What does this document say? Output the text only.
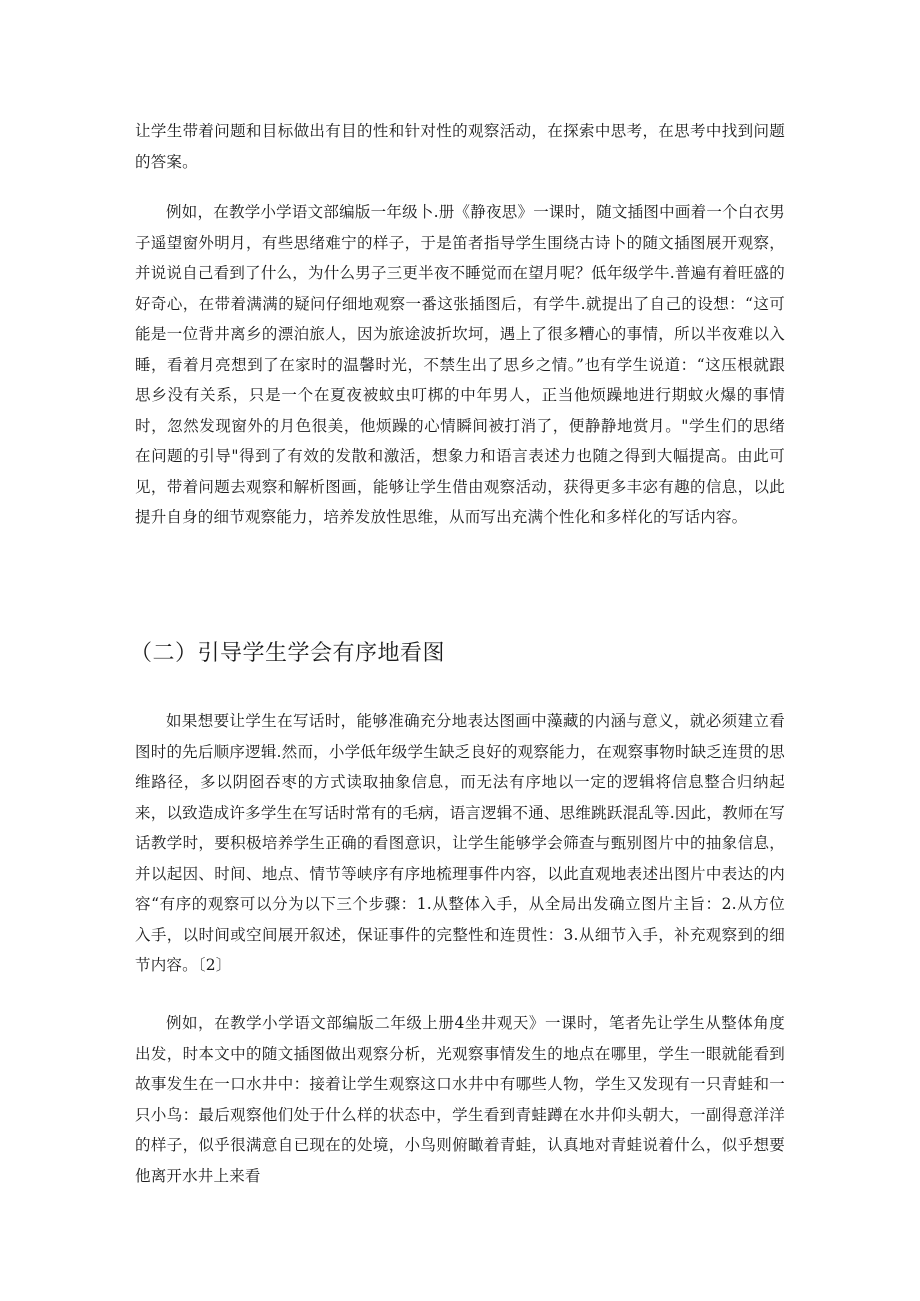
让学生带着问题和目标做出有目的性和针对性的观察活动，在探索中思考，在思考中找到问题的答案。

例如，在教学小学语文部编版一年级卜.册《静夜思》一课时，随文插图中画着一个白衣男子遥望窗外明月，有些思绪难宁的样子，于是笛者指导学生围绕古诗卜的随文插图展开观察，并说说自己看到了什么，为什么男子三更半夜不睡觉而在望月呢？低年级学牛.普遍有着旺盛的好奇心，在带着满满的疑问仔细地观察一番这张插图后，有学牛.就提出了自己的设想：“这可能是一位背井离乡的漂泊旅人，因为旅途波折坎坷，遇上了很多糟心的事情，所以半夜难以入睡，看着月亮想到了在家时的温馨时光，不禁生出了思乡之情。”也有学生说道：“这压根就跟思乡没有关系，只是一个在夏夜被蚊虫叮梆的中年男人，正当他烦躁地进行期蚊火爆的事情时，忽然发现窗外的月色很美，他烦躁的心情瞬间被打消了，便静静地赏月。"学生们的思绪在问题的引导"得到了有效的发散和激活，想象力和语言表述力也随之得到大幅提高。由此可见，带着问题去观察和解析图画，能够让学生借由观察活动，获得更多丰宓有趣的信息，以此提升自身的细节观察能力，培养发放性思维，从而写出充满个性化和多样化的写话内容。

（二）引导学生学会有序地看图

如果想要让学生在写话时，能够准确充分地表达图画中藻藏的内涵与意义，就必须建立看图时的先后顺序逻辑.然而，小学低年级学生缺乏良好的观察能力，在观察事物时缺乏连贯的思维路径，多以阴囵吞枣的方式读取抽象信息，而无法有序地以一定的逻辑将信息整合归纳起来，以致造成许多学生在写话时常有的毛病，语言逻辑不通、思维跳跃混乱等.因此，教师在写话教学时，要积极培养学生正确的看图意识，让学生能够学会筛查与甄别图片中的抽象信息，并以起因、时间、地点、情节等峡序有序地梳理事件内容，以此直观地表述出图片中表达的内容“有序的观察可以分为以下三个步骤：1.从整体入手，从全局出发确立图片主旨：2.从方位入手，以时间或空间展开叙述，保证事件的完整性和连贯性：3.从细节入手，补充观察到的细节内容。〔2〕

例如，在教学小学语文部编版二年级上册4坐井观天》一课时，笔者先让学生从整体角度出发，时本文中的随文插图做出观察分析，光观察事情发生的地点在哪里，学生一眼就能看到故事发生在一口水井中：接着让学生观察这口水井中有哪些人物，学生又发现有一只青蛙和一只小鸟：最后观察他们处于什么样的状态中，学生看到青蛙蹲在水井仰头朝大，一副得意洋洋的样子，似乎很满意自已现在的处境，小鸟则俯瞰着青蛙，认真地对青蛙说着什么，似乎想要他离开水井上来看
